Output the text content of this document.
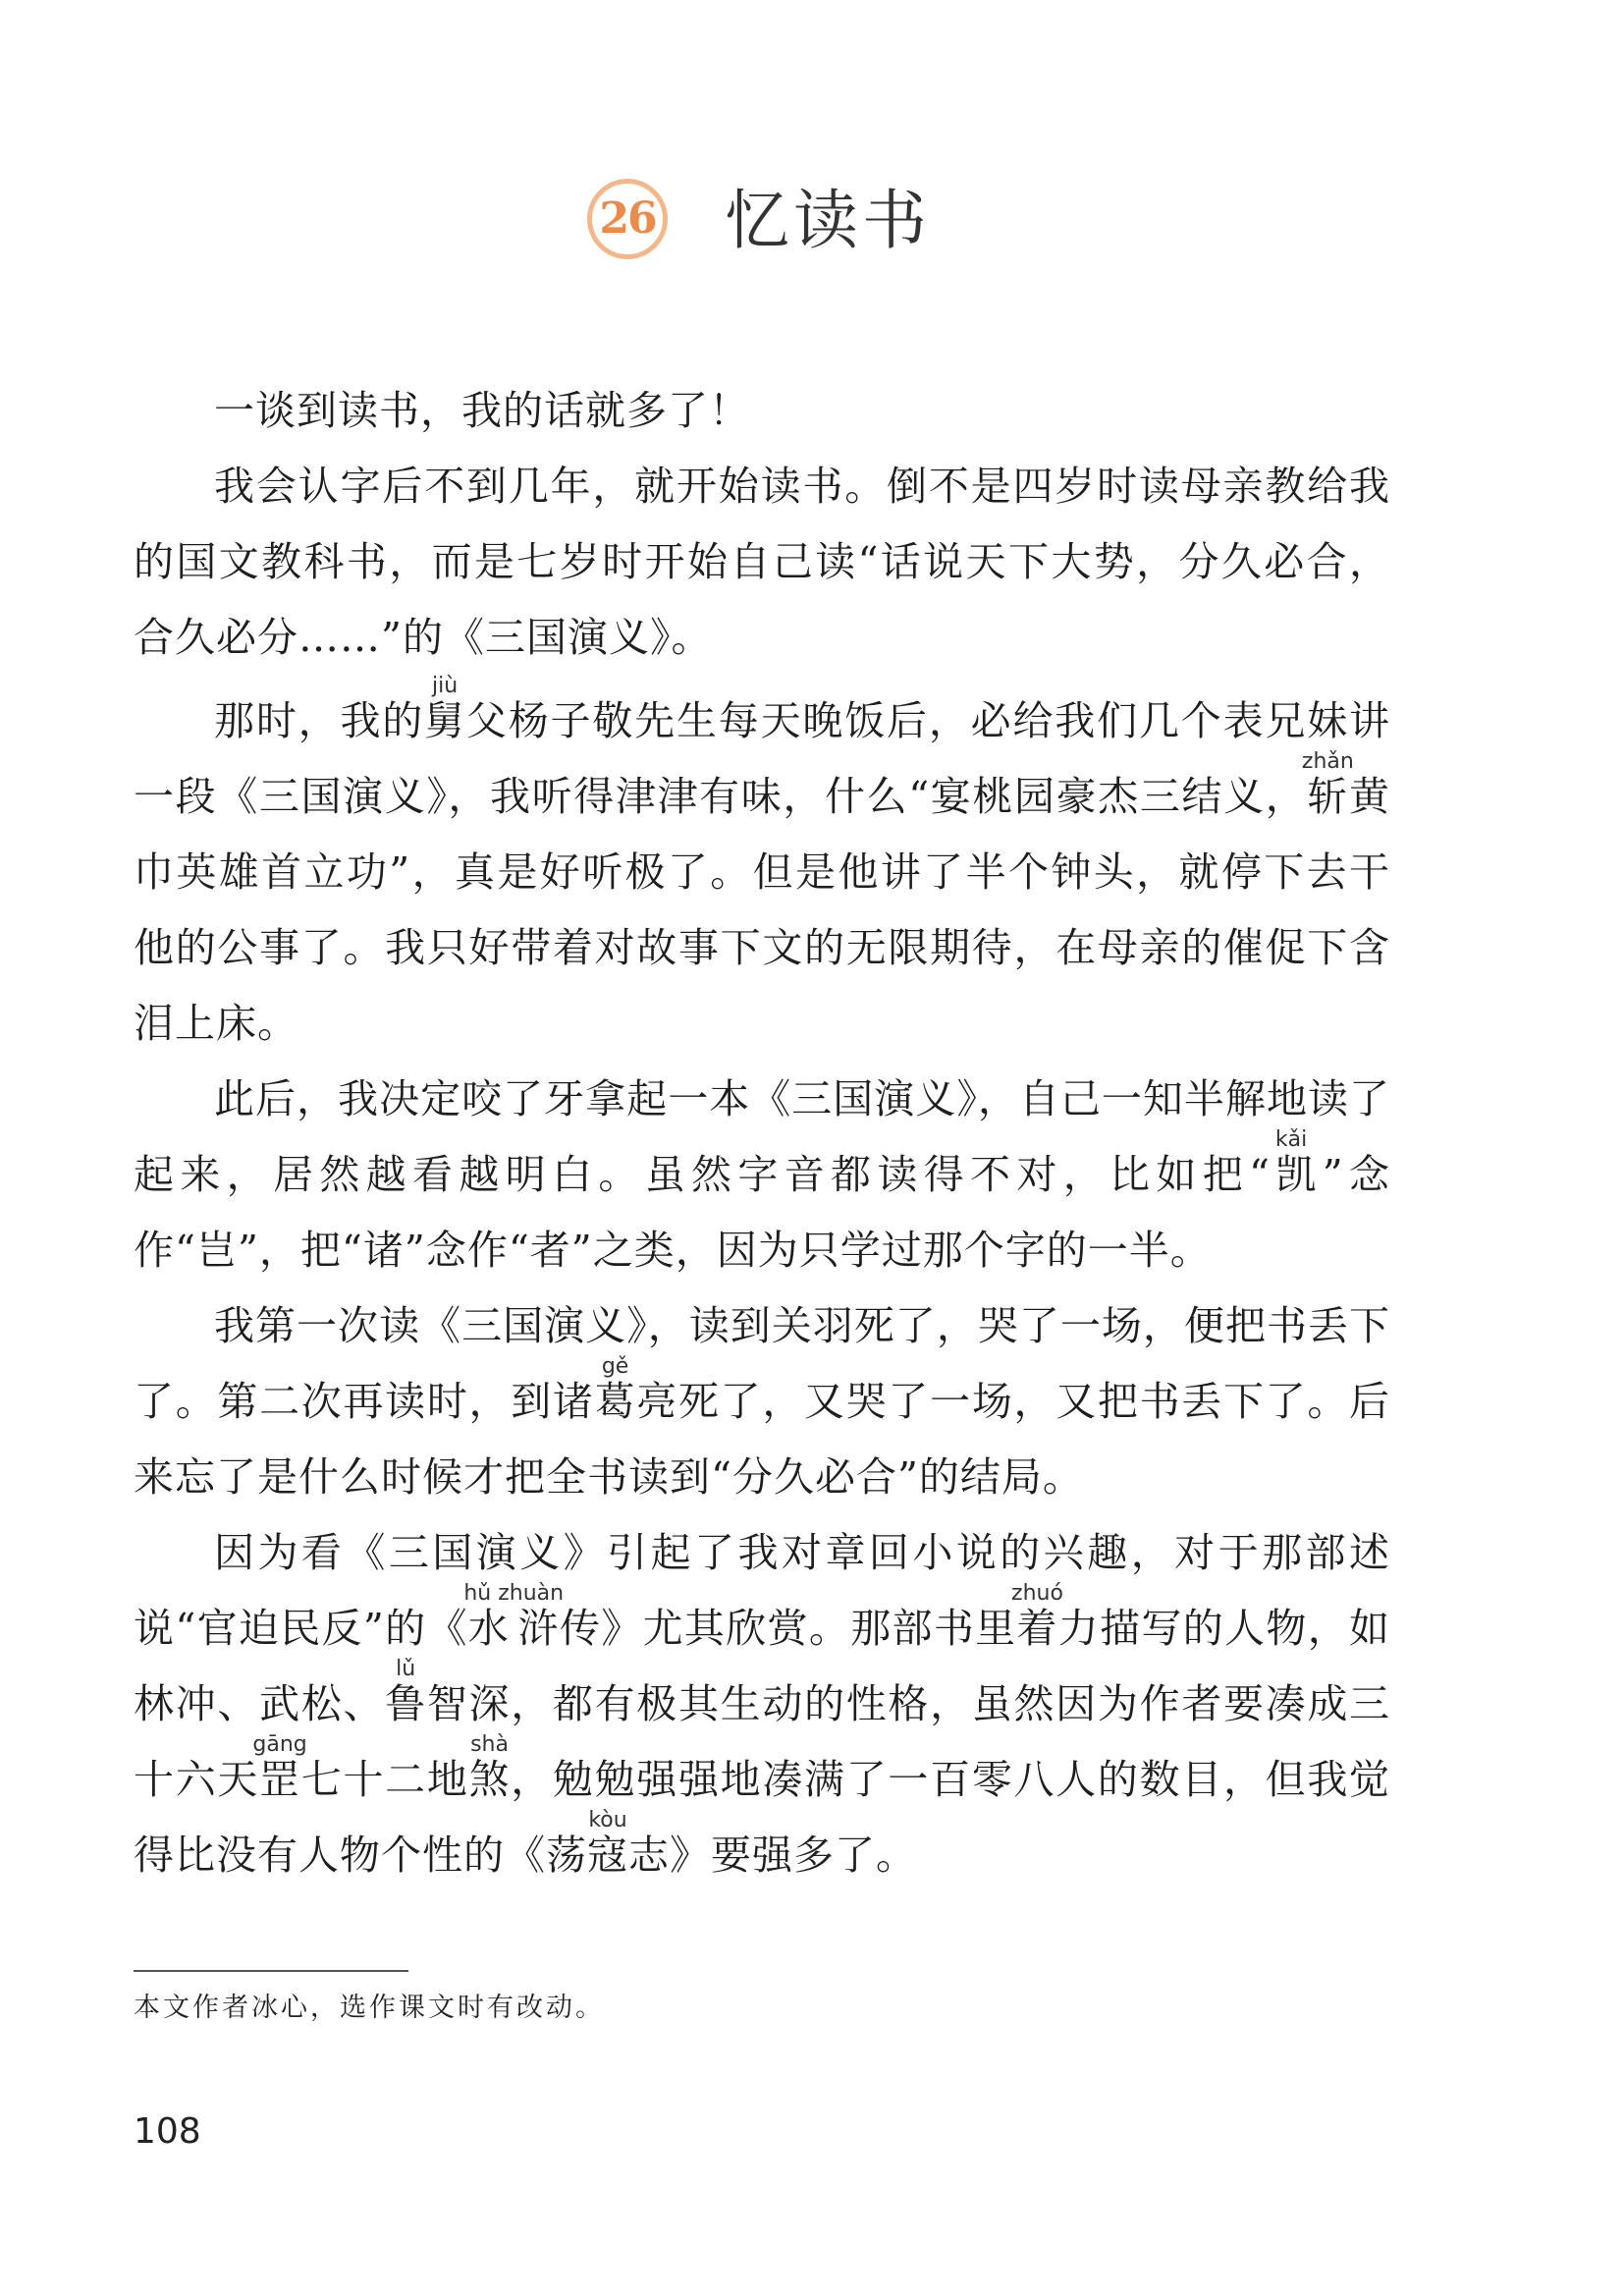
26 忆读书

一谈到读书，我的话就多了！

我会认字后不到几年，就开始读书。倒不是四岁时读母亲教给我的国文教科书，而是七岁时开始自己读“话说天下大势，分久必合，合久必分……”的《三国演义》。

那时，我的舅jiù父杨子敬先生每天晚饭后，必给我们几个表兄妹讲一段《三国演义》，我听得津津有味，什么“宴桃园豪杰三结义，斩zhǎn黄巾英雄首立功”，真是好听极了。但是他讲了半个钟头，就停下去干他的公事了。我只好带着对故事下文的无限期待，在母亲的催促下含泪上床。

此后，我决定咬了牙拿起一本《三国演义》，自己一知半解地读了起来，居然越看越明白。虽然字音都读得不对，比如把“凯kǎi”念作“岂”，把“诸”念作“者”之类，因为只学过那个字的一半。

我第一次读《三国演义》，读到关羽死了，哭了一场，便把书丢下了。第二次再读时，到诸葛gě亮死了，又哭了一场，又把书丢下了。后来忘了是什么时候才把全书读到“分久必合”的结局。

因为看《三国演义》引起了我对章回小说的兴趣，对于那部述说“官迫民反”的《水浒hǔ zhuàn传》尤其欣赏。那部书里着zhuó力描写的人物，如林冲、武松、鲁lǔ智深，都有极其生动的性格，虽然因为作者要凑成三十六天罡gāng七十二地煞shà，勉勉强强地凑满了一百零八人的数目，但我觉得比没有人物个性的《荡寇kòu志》要强多了。

本文作者冰心，选作课文时有改动。
108
